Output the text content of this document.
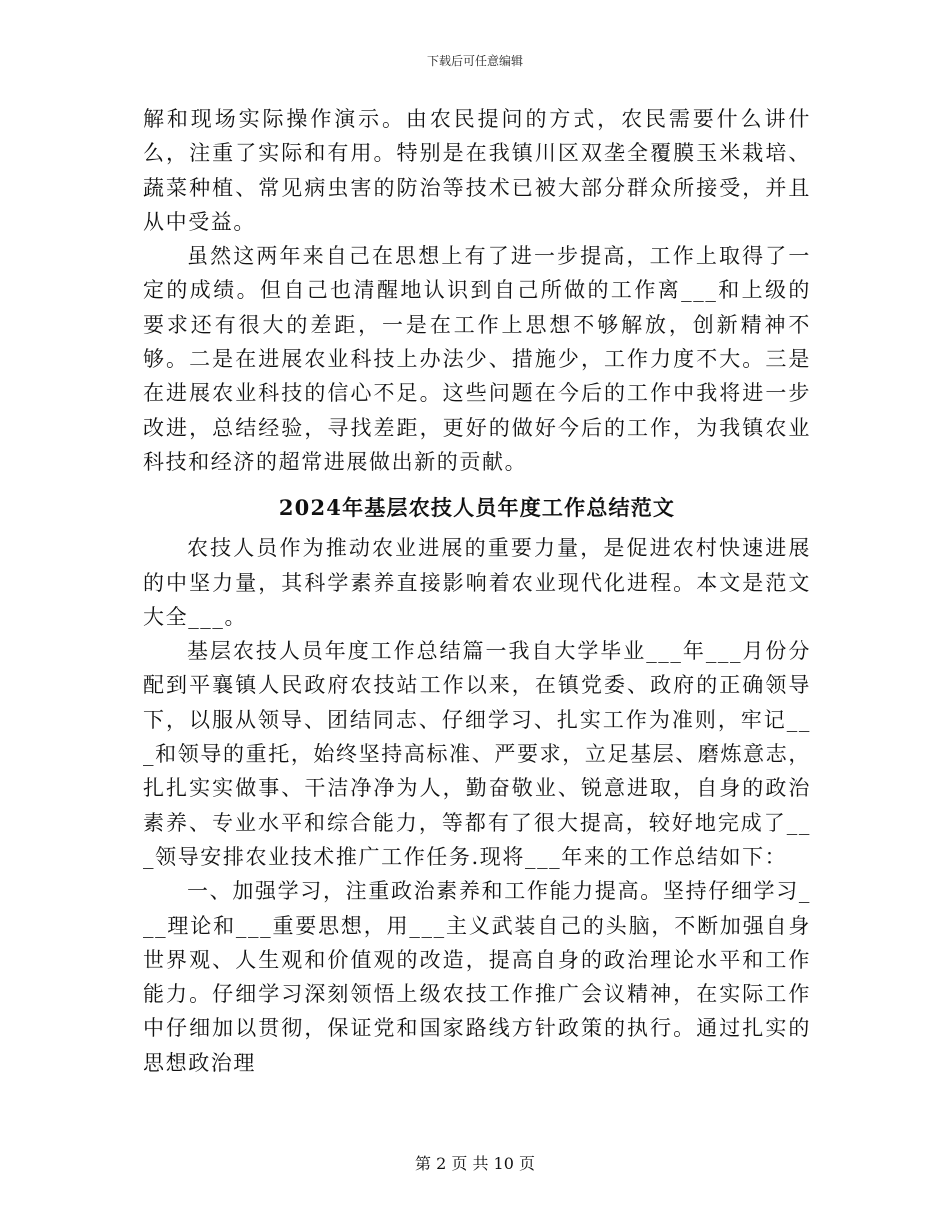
下载后可任意编辑

解和现场实际操作演示。由农民提问的方式，农民需要什么讲什么，注重了实际和有用。特别是在我镇川区双垄全覆膜玉米栽培、蔬菜种植、常见病虫害的防治等技术已被大部分群众所接受，并且从中受益。

虽然这两年来自己在思想上有了进一步提高，工作上取得了一定的成绩。但自己也清醒地认识到自己所做的工作离___和上级的要求还有很大的差距，一是在工作上思想不够解放，创新精神不够。二是在进展农业科技上办法少、措施少，工作力度不大。三是在进展农业科技的信心不足。这些问题在今后的工作中我将进一步改进，总结经验，寻找差距，更好的做好今后的工作，为我镇农业科技和经济的超常进展做出新的贡献。

2024年基层农技人员年度工作总结范文

农技人员作为推动农业进展的重要力量，是促进农村快速进展的中坚力量，其科学素养直接影响着农业现代化进程。本文是范文大全___。

基层农技人员年度工作总结篇一我自大学毕业___年___月份分配到平襄镇人民政府农技站工作以来，在镇党委、政府的正确领导下，以服从领导、团结同志、仔细学习、扎实工作为准则，牢记___和领导的重托，始终坚持高标准、严要求，立足基层、磨炼意志，扎扎实实做事、干洁净净为人，勤奋敬业、锐意进取，自身的政治素养、专业水平和综合能力，等都有了很大提高，较好地完成了___领导安排农业技术推广工作任务.现将___年来的工作总结如下：

一、加强学习，注重政治素养和工作能力提高。坚持仔细学习___理论和___重要思想，用___主义武装自己的头脑，不断加强自身世界观、人生观和价值观的改造，提高自身的政治理论水平和工作能力。仔细学习深刻领悟上级农技工作推广会议精神，在实际工作中仔细加以贯彻，保证党和国家路线方针政策的执行。通过扎实的思想政治理

第 2 页 共 10 页
